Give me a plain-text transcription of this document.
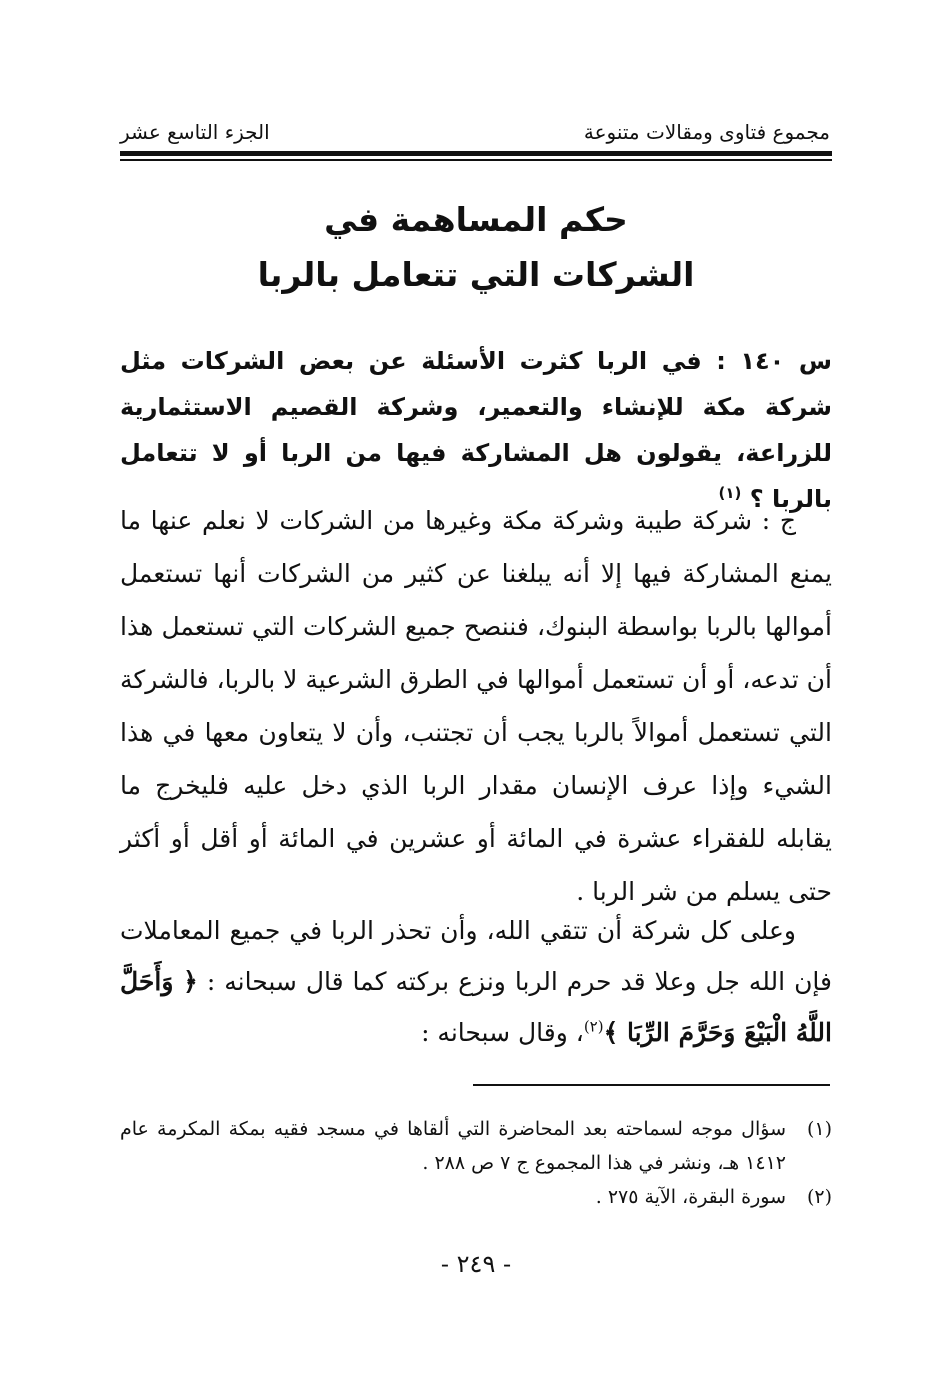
مجموع فتاوى ومقالات متنوعة
الجزء التاسع عشر
حكم المساهمة في
الشركات التي تتعامل بالربا
س ١٤٠ : في الربا كثرت الأسئلة عن بعض الشركات مثل شركة مكة للإنشاء والتعمير، وشركة القصيم الاستثمارية للزراعة، يقولون هل المشاركة فيها من الربا أو لا تتعامل بالربا ؟ $^{(١)}$
ج : شركة طيبة وشركة مكة وغيرها من الشركات لا نعلم عنها ما يمنع المشاركة فيها إلا أنه يبلغنا عن كثير من الشركات أنها تستعمل أموالها بالربا بواسطة البنوك، فننصح جميع الشركات التي تستعمل هذا أن تدعه، أو أن تستعمل أموالها في الطرق الشرعية لا بالربا، فالشركة التي تستعمل أموالاً بالربا يجب أن تجتنب، وأن لا يتعاون معها في هذا الشيء وإذا عرف الإنسان مقدار الربا الذي دخل عليه فليخرج ما يقابله للفقراء عشرة في المائة أو عشرين في المائة أو أقل أو أكثر حتى يسلم من شر الربا .
وعلى كل شركة أن تتقي الله، وأن تحذر الربا في جميع المعاملات فإن الله جل وعلا قد حرم الربا ونزع بركته كما قال سبحانه : ﴿ وَأَحَلَّ اللَّهُ الْبَيْعَ وَحَرَّمَ الرِّبَا ﴾$^{(٢)}$، وقال سبحانه :
(١)
سؤال موجه لسماحته بعد المحاضرة التي ألقاها في مسجد فقيه بمكة المكرمة عام ١٤١٢ هـ، ونشر في هذا المجموع ج ٧ ص ٢٨٨ .
(٢)
سورة البقرة، الآية ٢٧٥ .
- ٢٤٩ -
